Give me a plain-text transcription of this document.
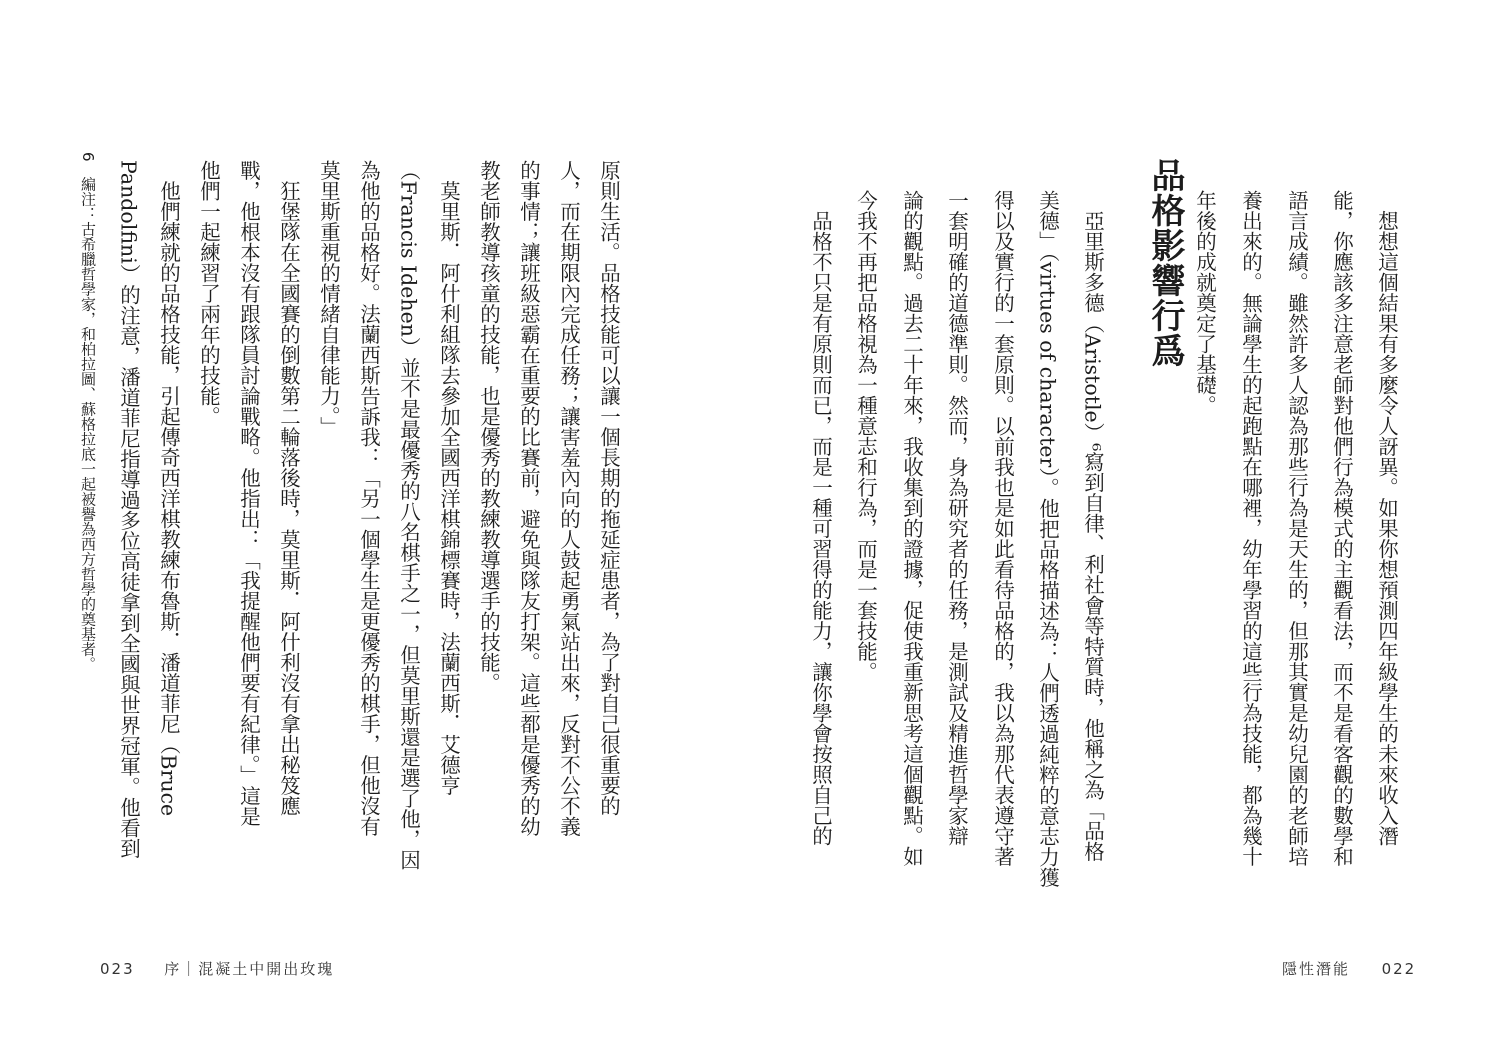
　想想這個結果有多麼令人訝異。如果你想預測四年級學生的未來收入潛

能，你應該多注意老師對他們行為模式的主觀看法，而不是看客觀的數學和

語言成績。雖然許多人認為那些行為是天生的，但那其實是幼兒園的老師培

養出來的。無論學生的起跑點在哪裡，幼年學習的這些行為技能，都為幾十

年後的成就奠定了基礎。

品格影響行爲

　亞里斯多德（Aristotle）⁶寫到自律、利社會等特質時，他稱之為「品格

美德」（virtues of character）。他把品格描述為：人們透過純粹的意志力獲

得以及實行的一套原則。以前我也是如此看待品格的，我以為那代表遵守著

一套明確的道德準則。然而，身為研究者的任務，是測試及精進哲學家辯

論的觀點。過去二十年來，我收集到的證據，促使我重新思考這個觀點。如

今我不再把品格視為一種意志和行為，而是一套技能。

　品格不只是有原則而已，而是一種可習得的能力，讓你學會按照自己的

隱性潛能 022

原則生活。品格技能可以讓一個長期的拖延症患者，為了對自己很重要的

人，而在期限內完成任務；讓害羞內向的人鼓起勇氣站出來，反對不公不義

的事情；讓班級惡霸在重要的比賽前，避免與隊友打架。這些都是優秀的幼

教老師教導孩童的技能，也是優秀的教練教導選手的技能。

　莫里斯．阿什利組隊去參加全國西洋棋錦標賽時，法蘭西斯．艾德亨

（Francis Idehen）並不是最優秀的八名棋手之一，但莫里斯還是選了他，因

為他的品格好。法蘭西斯告訴我：「另一個學生是更優秀的棋手，但他沒有

莫里斯重視的情緒自律能力。」

　狂堡隊在全國賽的倒數第二輪落後時，莫里斯．阿什利沒有拿出秘笈應

戰，他根本沒有跟隊員討論戰略。他指出：「我提醒他們要有紀律。」這是

他們一起練習了兩年的技能。

　他們練就的品格技能，引起傳奇西洋棋教練布魯斯．潘道菲尼（Bruce

Pandolfini）的注意，潘道菲尼指導過多位高徒拿到全國與世界冠軍。他看到

6　編注：古希臘哲學家，和柏拉圖、蘇格拉底一起被譽為西方哲學的奠基者。

023 序｜混凝土中開出玫瑰
